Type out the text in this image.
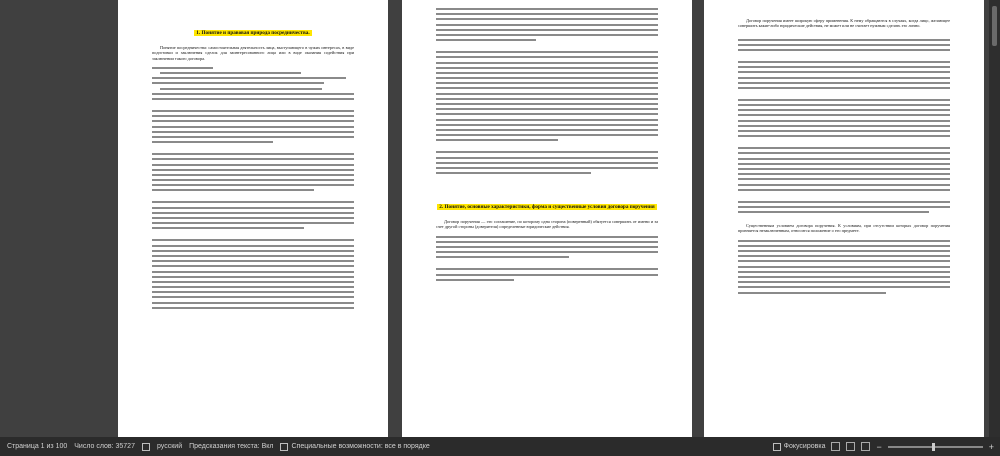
1. Понятие и правовая природа посредничества.

Понятие посредничества: самостоятельная деятельность лица, выступающего в чужих интересах, в виде подготовки и заключения сделок для заинтересованного лица или в виде оказания содействия при заключении такого договора.

2. Понятие, основные характеристики, форма и существенные условия договора поручения

Договор поручения — это соглашение, по которому одна сторона (поверенный) обязуется совершить от имени и за счет другой стороны (доверителя) определенные юридические действия.

Договор поручения имеет широкую сферу применения. К нему обращаются в случаях, когда лицо, желающее совершить какие-либо юридические действия, не может или не считает нужным сделать это лично.

Существенным условием договора поручения. К условиям, при отсутствии которых договор поручения признается незаключенным, относится положение о его предмете.

Страница 1 из 100 Число слов: 35727	русский Предсказания текста: Вкл	Специальные возможности: все в порядке	Фокусировка	−	+
